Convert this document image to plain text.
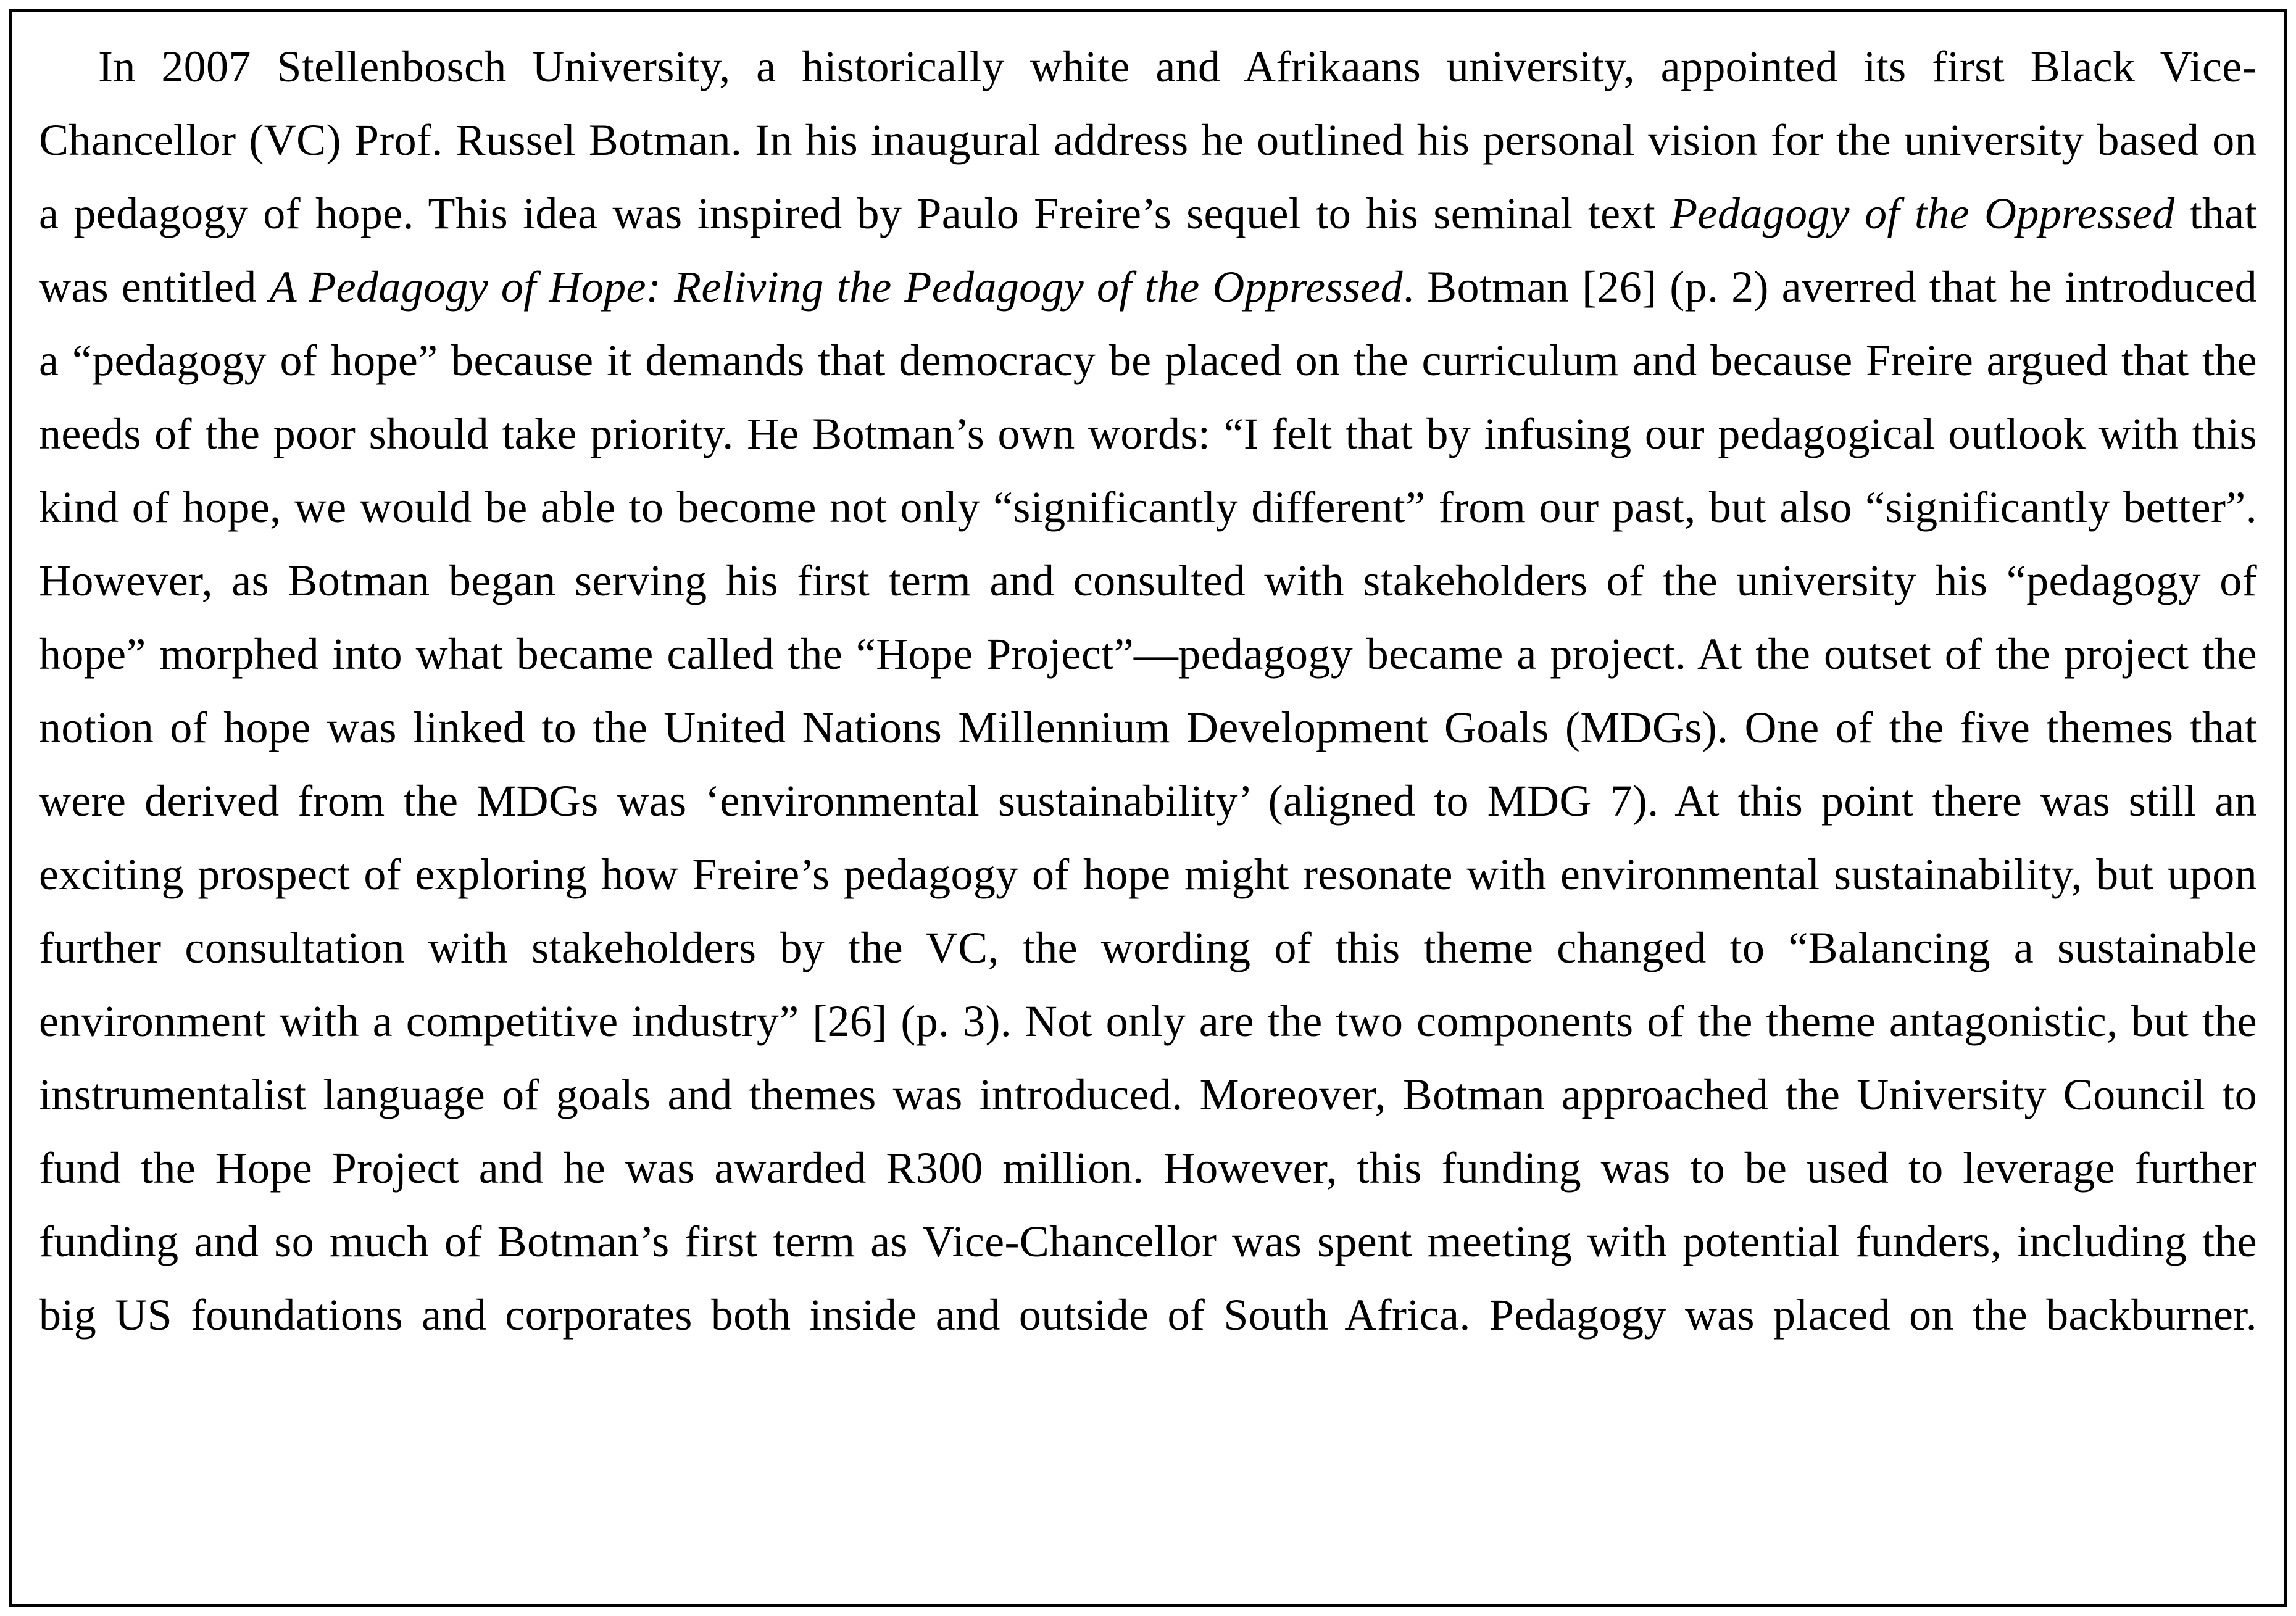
In 2007 Stellenbosch University, a historically white and Afrikaans university, appointed its first Black Vice-Chancellor (VC) Prof. Russel Botman. In his inaugural address he outlined his personal vision for the university based on a pedagogy of hope. This idea was inspired by Paulo Freire’s sequel to his seminal text Pedagogy of the Oppressed that was entitled A Pedagogy of Hope: Reliving the Pedagogy of the Oppressed. Botman [26] (p. 2) averred that he introduced a “pedagogy of hope” because it demands that democracy be placed on the curriculum and because Freire argued that the needs of the poor should take priority. He Botman’s own words: “I felt that by infusing our pedagogical outlook with this kind of hope, we would be able to become not only “significantly different” from our past, but also “significantly better”. However, as Botman began serving his first term and consulted with stakeholders of the university his “pedagogy of hope” morphed into what became called the “Hope Project”—pedagogy became a project. At the outset of the project the notion of hope was linked to the United Nations Millennium Development Goals (MDGs). One of the five themes that were derived from the MDGs was ‘environmental sustainability’ (aligned to MDG 7). At this point there was still an exciting prospect of exploring how Freire’s pedagogy of hope might resonate with environmental sustainability, but upon further consultation with stakeholders by the VC, the wording of this theme changed to “Balancing a sustainable environment with a competitive industry” [26] (p. 3). Not only are the two components of the theme antagonistic, but the instrumentalist language of goals and themes was introduced. Moreover, Botman approached the University Council to fund the Hope Project and he was awarded R300 million. However, this funding was to be used to leverage further funding and so much of Botman’s first term as Vice-Chancellor was spent meeting with potential funders, including the big US foundations and corporates both inside and outside of South Africa. Pedagogy was placed on the backburner.
